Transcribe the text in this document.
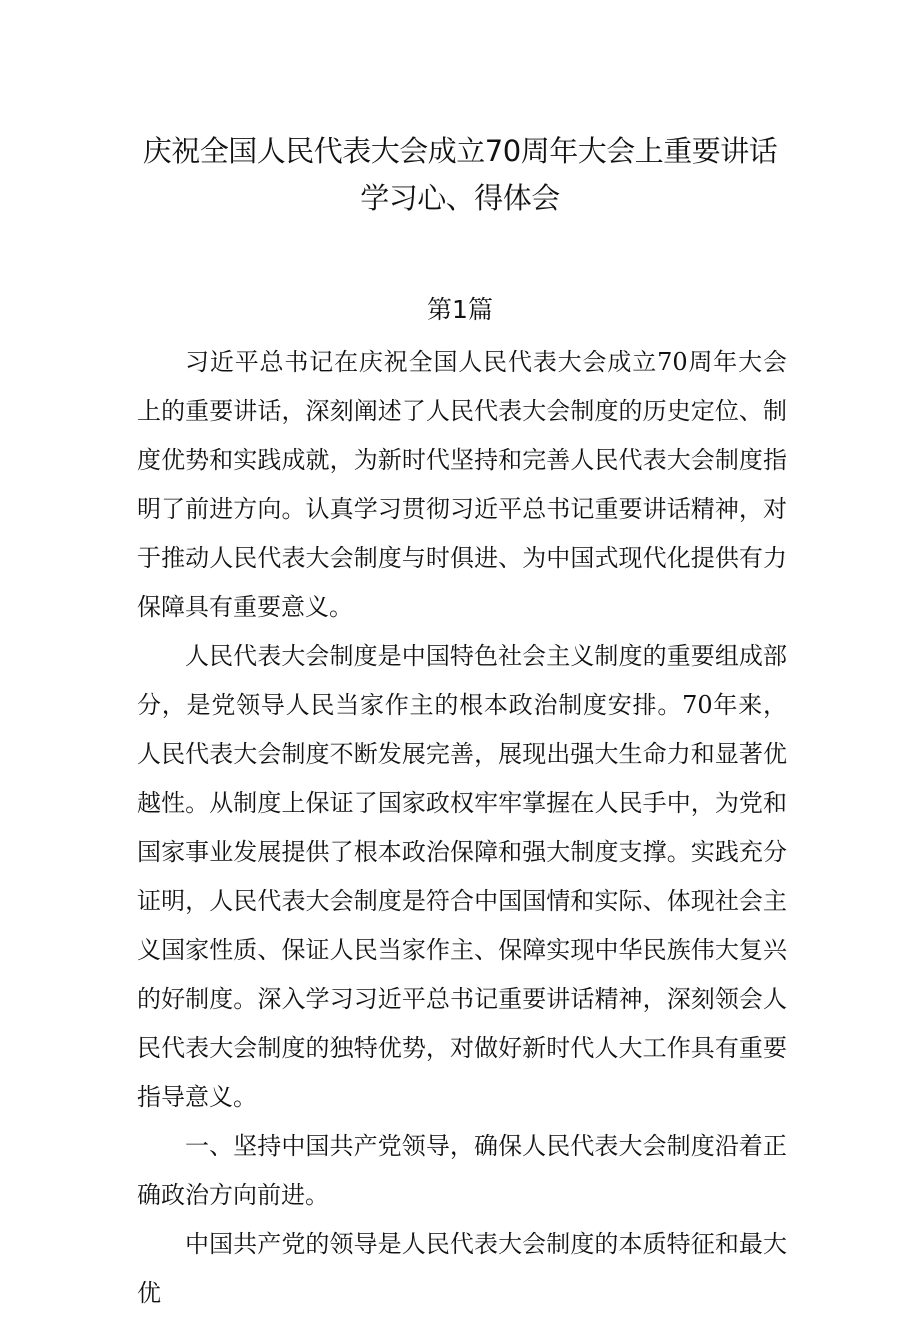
庆祝全国人民代表大会成立70周年大会上重要讲话
学习心、得体会
第1篇

习近平总书记在庆祝全国人民代表大会成立70周年大会上的重要讲话，深刻阐述了人民代表大会制度的历史定位、制度优势和实践成就，为新时代坚持和完善人民代表大会制度指明了前进方向。认真学习贯彻习近平总书记重要讲话精神，对于推动人民代表大会制度与时俱进、为中国式现代化提供有力保障具有重要意义。

人民代表大会制度是中国特色社会主义制度的重要组成部分，是党领导人民当家作主的根本政治制度安排。70年来，人民代表大会制度不断发展完善，展现出强大生命力和显著优越性。从制度上保证了国家政权牢牢掌握在人民手中，为党和国家事业发展提供了根本政治保障和强大制度支撑。实践充分证明，人民代表大会制度是符合中国国情和实际、体现社会主义国家性质、保证人民当家作主、保障实现中华民族伟大复兴的好制度。深入学习习近平总书记重要讲话精神，深刻领会人民代表大会制度的独特优势，对做好新时代人大工作具有重要指导意义。

一、坚持中国共产党领导，确保人民代表大会制度沿着正确政治方向前进。

中国共产党的领导是人民代表大会制度的本质特征和最大优
